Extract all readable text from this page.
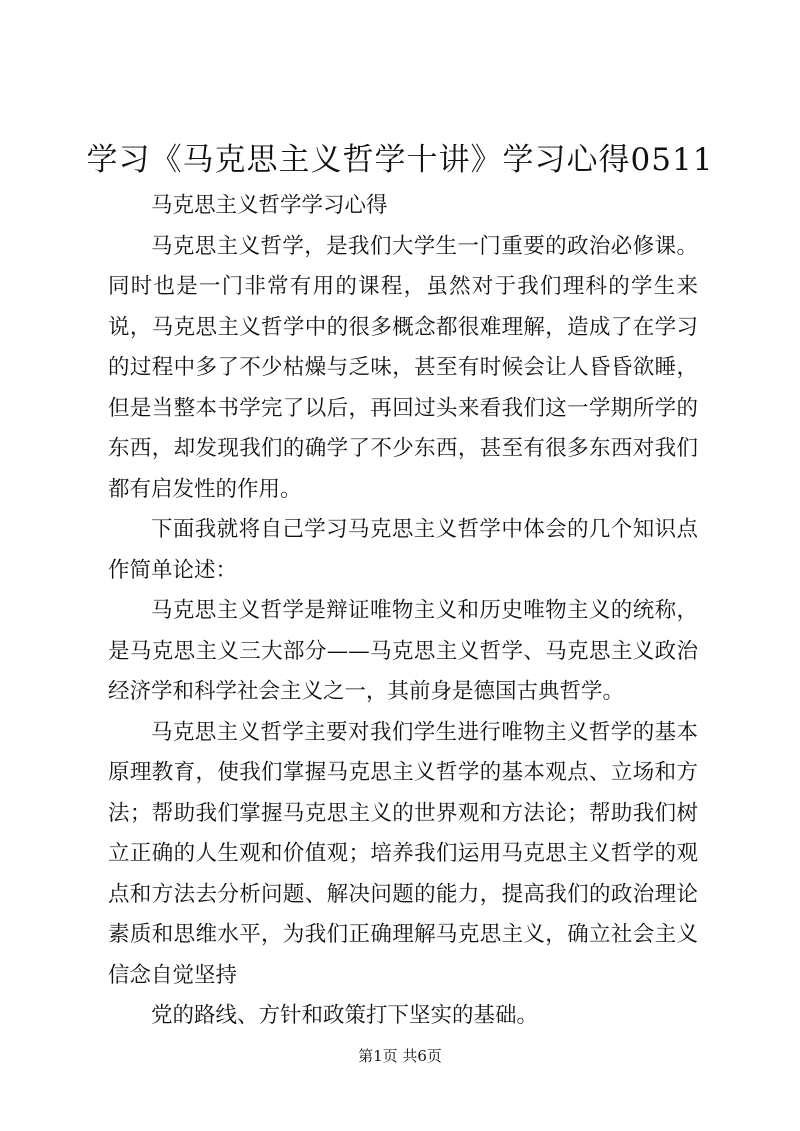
学习《马克思主义哲学十讲》学习心得0511

马克思主义哲学学习心得

马克思主义哲学，是我们大学生一门重要的政治必修课。同时也是一门非常有用的课程，虽然对于我们理科的学生来说，马克思主义哲学中的很多概念都很难理解，造成了在学习的过程中多了不少枯燥与乏味，甚至有时候会让人昏昏欲睡，但是当整本书学完了以后，再回过头来看我们这一学期所学的东西，却发现我们的确学了不少东西，甚至有很多东西对我们都有启发性的作用。

下面我就将自己学习马克思主义哲学中体会的几个知识点作简单论述：

马克思主义哲学是辩证唯物主义和历史唯物主义的统称，是马克思主义三大部分——马克思主义哲学、马克思主义政治经济学和科学社会主义之一，其前身是德国古典哲学。

马克思主义哲学主要对我们学生进行唯物主义哲学的基本原理教育，使我们掌握马克思主义哲学的基本观点、立场和方法；帮助我们掌握马克思主义的世界观和方法论；帮助我们树立正确的人生观和价值观；培养我们运用马克思主义哲学的观点和方法去分析问题、解决问题的能力，提高我们的政治理论素质和思维水平，为我们正确理解马克思主义，确立社会主义信念自觉坚持

党的路线、方针和政策打下坚实的基础。

第1页 共6页
